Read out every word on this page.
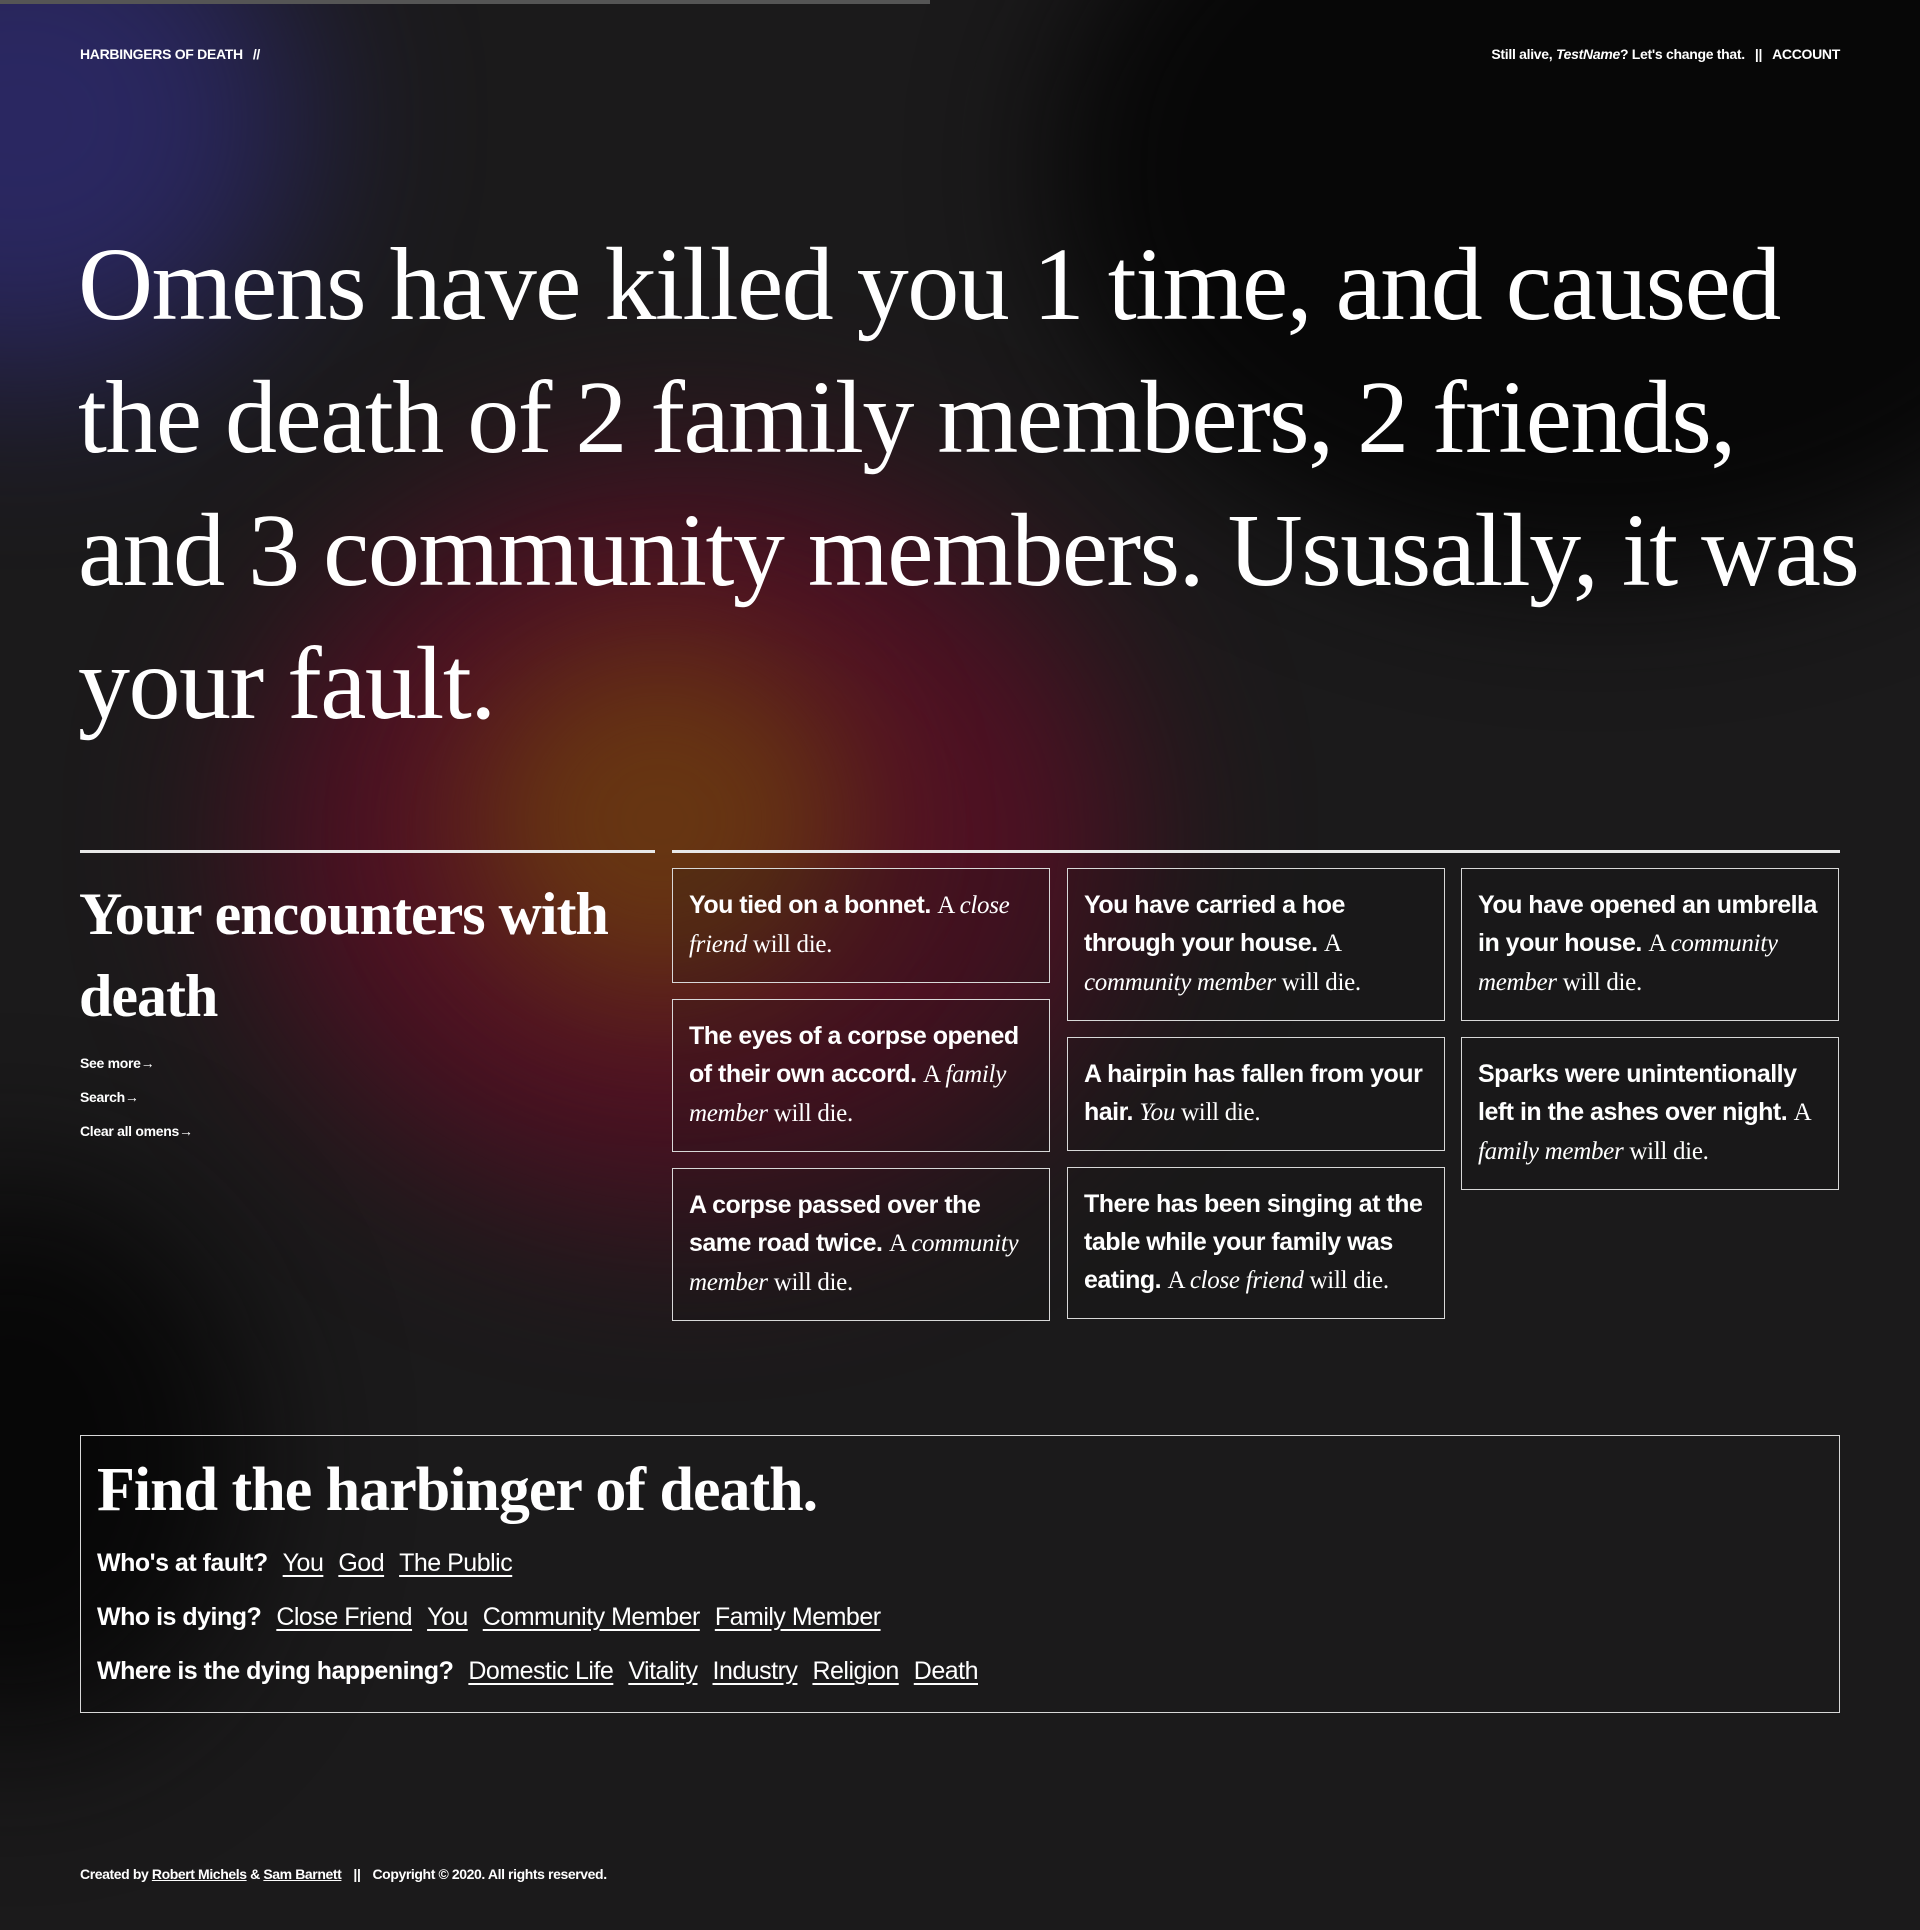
HARBINGERS OF DEATH //	Still alive, TestName? Let's change that. || ACCOUNT
Omens have killed you 1 time, and caused the death of 2 family members, 2 friends, and 3 community members. Ususally, it was your fault.
Your encounters with death
See more→
Search→
Clear all omens→
You tied on a bonnet. A close friend will die.
The eyes of a corpse opened of their own accord. A family member will die.
A corpse passed over the same road twice. A community member will die.
You have carried a hoe through your house. A community member will die.
A hairpin has fallen from your hair. You will die.
There has been singing at the table while your family was eating. A close friend will die.
You have opened an umbrella in your house. A community member will die.
Sparks were unintentionally left in the ashes over night. A family member will die.
Find the harbinger of death.
Who's at fault? You God The Public
Who is dying? Close Friend You Community Member Family Member
Where is the dying happening? Domestic Life Vitality Industry Religion Death
Created by
Robert Michels
&
Sam Barnett || Copyright © 2020. All rights reserved.
